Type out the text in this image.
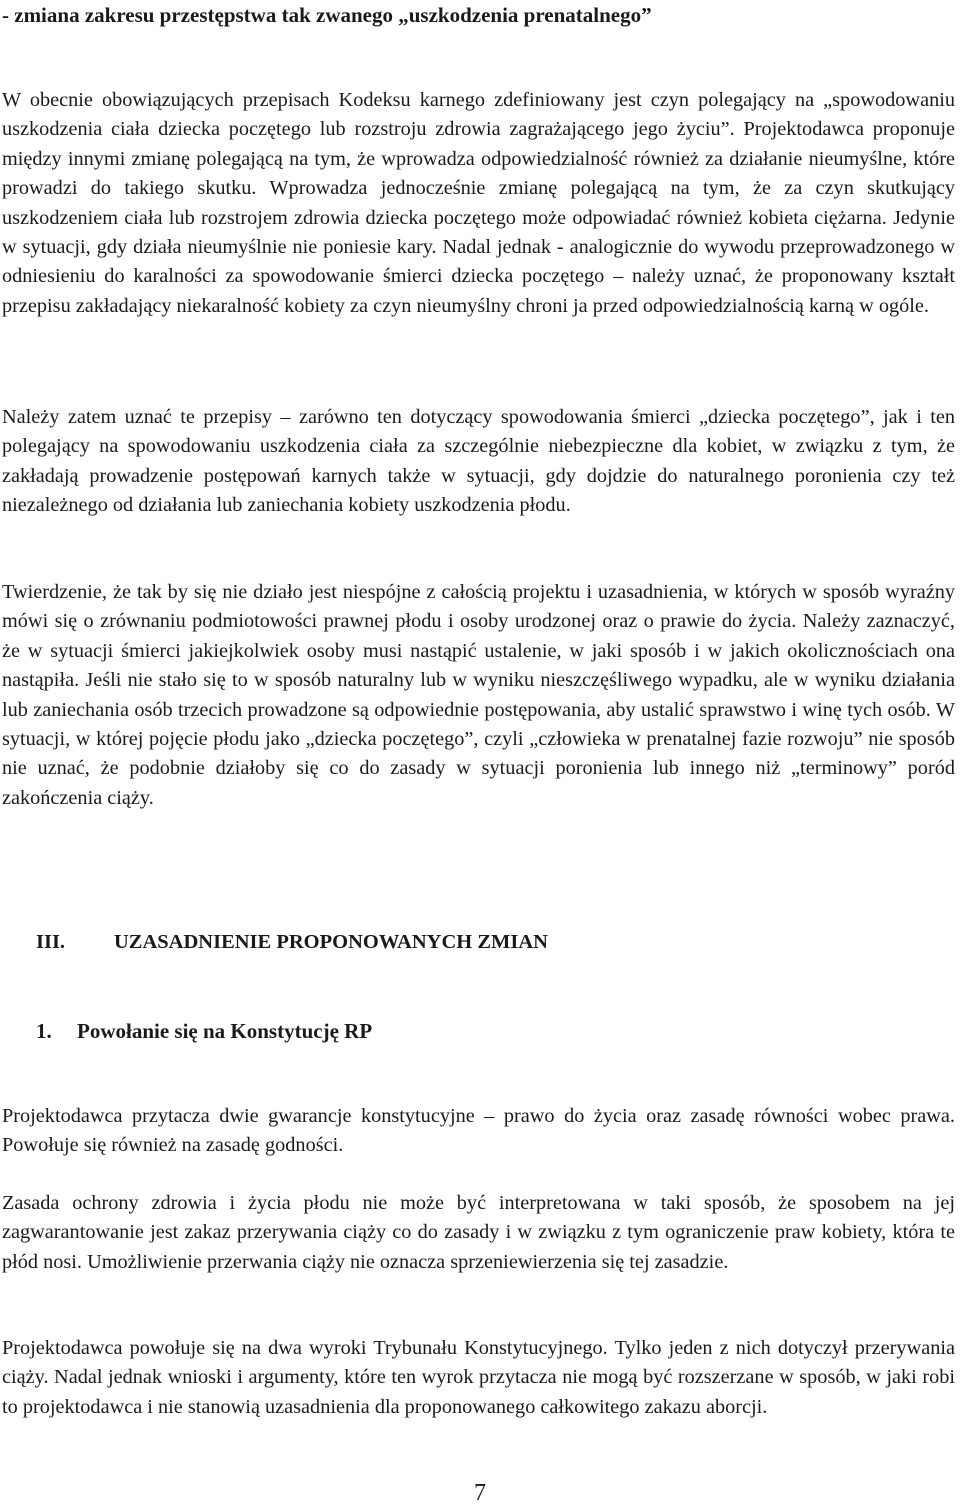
- zmiana zakresu przestępstwa tak zwanego „uszkodzenia prenatalnego”

W obecnie obowiązujących przepisach Kodeksu karnego zdefiniowany jest czyn polegający na „spowodowaniu uszkodzenia ciała dziecka poczętego lub rozstroju zdrowia zagrażającego jego życiu”. Projektodawca proponuje między innymi zmianę polegającą na tym, że wprowadza odpowiedzialność również za działanie nieumyślne, które prowadzi do takiego skutku. Wprowadza jednocześnie zmianę polegającą na tym, że za czyn skutkujący uszkodzeniem ciała lub rozstrojem zdrowia dziecka poczętego może odpowiadać również kobieta ciężarna. Jedynie w sytuacji, gdy działa nieumyślnie nie poniesie kary. Nadal jednak - analogicznie do wywodu przeprowadzonego w odniesieniu do karalności za spowodowanie śmierci dziecka poczętego – należy uznać, że proponowany kształt przepisu zakładający niekaralność kobiety za czyn nieumyślny chroni ja przed odpowiedzialnością karną w ogóle.

Należy zatem uznać te przepisy – zarówno ten dotyczący spowodowania śmierci „dziecka poczętego”, jak i ten polegający na spowodowaniu uszkodzenia ciała za szczególnie niebezpieczne dla kobiet, w związku z tym, że zakładają prowadzenie postępowań karnych także w sytuacji, gdy dojdzie do naturalnego poronienia czy też niezależnego od działania lub zaniechania kobiety uszkodzenia płodu.

Twierdzenie, że tak by się nie działo jest niespójne z całością projektu i uzasadnienia, w których w sposób wyraźny mówi się o zrównaniu podmiotowości prawnej płodu i osoby urodzonej oraz o prawie do życia. Należy zaznaczyć, że w sytuacji śmierci jakiejkolwiek osoby musi nastąpić ustalenie, w jaki sposób i w jakich okolicznościach ona nastąpiła. Jeśli nie stało się to w sposób naturalny lub w wyniku nieszczęśliwego wypadku, ale w wyniku działania lub zaniechania osób trzecich prowadzone są odpowiednie postępowania, aby ustalić sprawstwo i winę tych osób. W sytuacji, w której pojęcie płodu jako „dziecka poczętego”, czyli „człowieka w prenatalnej fazie rozwoju” nie sposób nie uznać, że podobnie działoby się co do zasady w sytuacji poronienia lub innego niż „terminowy” poród zakończenia ciąży.

III. UZASADNIENIE PROPONOWANYCH ZMIAN
1. Powołanie się na Konstytucję RP

Projektodawca przytacza dwie gwarancje konstytucyjne – prawo do życia oraz zasadę równości wobec prawa. Powołuje się również na zasadę godności.

Zasada ochrony zdrowia i życia płodu nie może być interpretowana w taki sposób, że sposobem na jej zagwarantowanie jest zakaz przerywania ciąży co do zasady i w związku z tym ograniczenie praw kobiety, która te płód nosi. Umożliwienie przerwania ciąży nie oznacza sprzeniewierzenia się tej zasadzie.

Projektodawca powołuje się na dwa wyroki Trybunału Konstytucyjnego. Tylko jeden z nich dotyczył przerywania ciąży. Nadal jednak wnioski i argumenty, które ten wyrok przytacza nie mogą być rozszerzane w sposób, w jaki robi to projektodawca i nie stanowią uzasadnienia dla proponowanego całkowitego zakazu aborcji.

7
